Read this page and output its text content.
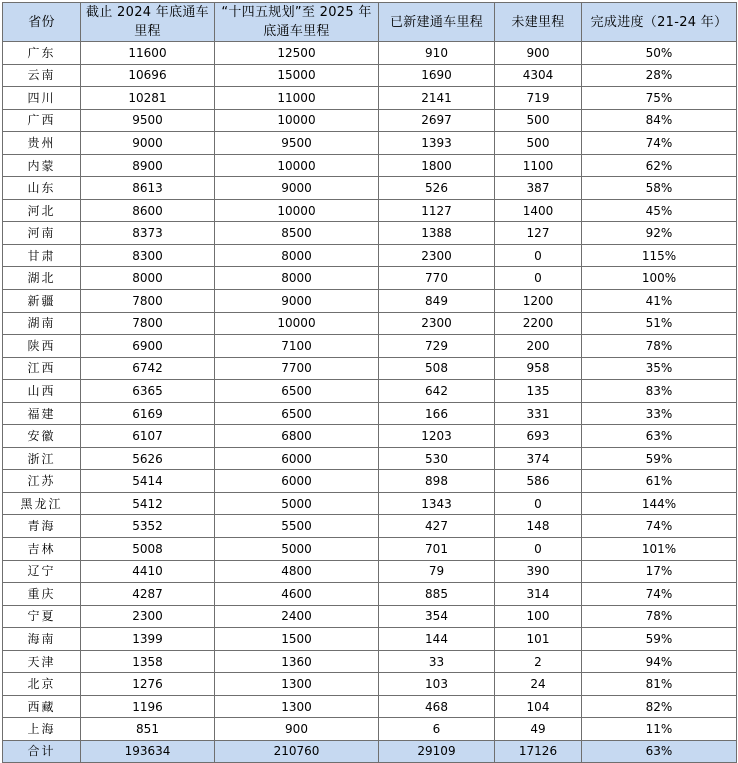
省份	截止 2024 年底通车里程	“十四五规划”至 2025 年底通车里程	已新建通车里程	未建里程	完成进度（21-24 年）
广东	11600	12500	910	900	50%
云南	10696	15000	1690	4304	28%
四川	10281	11000	2141	719	75%
广西	9500	10000	2697	500	84%
贵州	9000	9500	1393	500	74%
内蒙	8900	10000	1800	1100	62%
山东	8613	9000	526	387	58%
河北	8600	10000	1127	1400	45%
河南	8373	8500	1388	127	92%
甘肃	8300	8000	2300	0	115%
湖北	8000	8000	770	0	100%
新疆	7800	9000	849	1200	41%
湖南	7800	10000	2300	2200	51%
陕西	6900	7100	729	200	78%
江西	6742	7700	508	958	35%
山西	6365	6500	642	135	83%
福建	6169	6500	166	331	33%
安徽	6107	6800	1203	693	63%
浙江	5626	6000	530	374	59%
江苏	5414	6000	898	586	61%
黑龙江	5412	5000	1343	0	144%
青海	5352	5500	427	148	74%
吉林	5008	5000	701	0	101%
辽宁	4410	4800	79	390	17%
重庆	4287	4600	885	314	74%
宁夏	2300	2400	354	100	78%
海南	1399	1500	144	101	59%
天津	1358	1360	33	2	94%
北京	1276	1300	103	24	81%
西藏	1196	1300	468	104	82%
上海	851	900	6	49	11%
合计	193634	210760	29109	17126	63%
